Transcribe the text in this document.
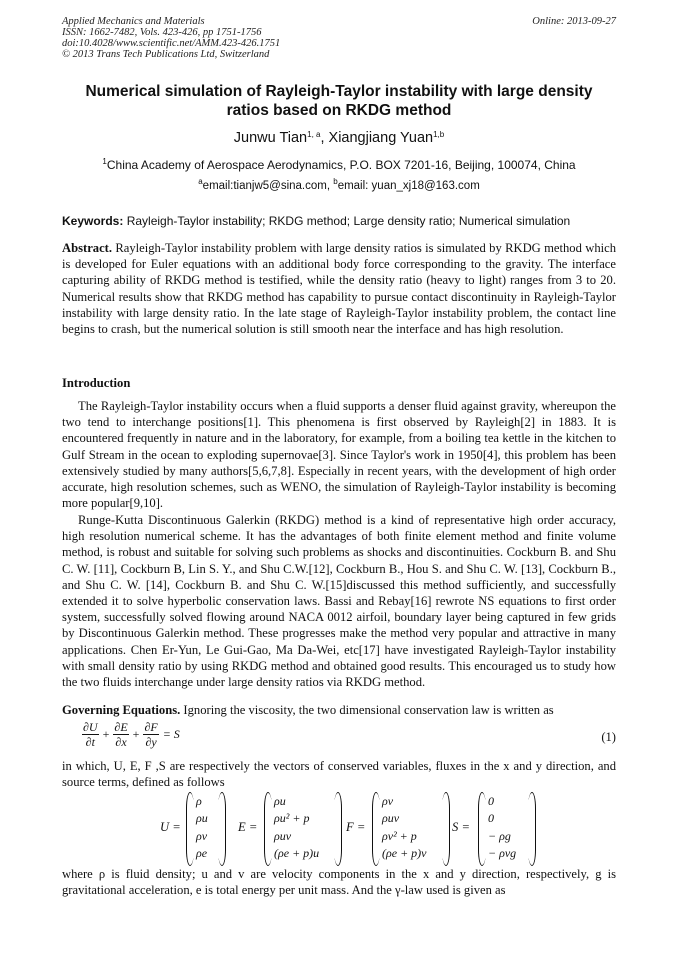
Applied Mechanics and Materials
ISSN: 1662-7482, Vols. 423-426, pp 1751-1756
doi:10.4028/www.scientific.net/AMM.423-426.1751
© 2013 Trans Tech Publications Ltd, Switzerland
Online: 2013-09-27
Numerical simulation of Rayleigh-Taylor instability with large density ratios based on RKDG method
Junwu Tian$^{1, a}$, Xiangjiang Yuan$^{1,b}$
$^1$China Academy of Aerospace Aerodynamics, P.O. BOX 7201-16, Beijing, 100074, China
$^a$email:tianjw5@sina.com, $^b$email: yuan_xj18@163.com
Keywords: Rayleigh-Taylor instability; RKDG method; Large density ratio; Numerical simulation
Abstract. Rayleigh-Taylor instability problem with large density ratios is simulated by RKDG method which is developed for Euler equations with an additional body force corresponding to the gravity. The interface capturing ability of RKDG method is testified, while the density ratio (heavy to light) ranges from 3 to 20. Numerical results show that RKDG method has capability to pursue contact discontinuity in Rayleigh-Taylor instability with large density ratio. In the late stage of Rayleigh-Taylor instability problem, the contact line begins to crash, but the numerical solution is still smooth near the interface and has high resolution.
Introduction
The Rayleigh-Taylor instability occurs when a fluid supports a denser fluid against gravity, whereupon the two tend to interchange positions[1]. This phenomena is first observed by Rayleigh[2] in 1883. It is encountered frequently in nature and in the laboratory, for example, from a boiling tea kettle in the kitchen to Gulf Stream in the ocean to exploding supernovae[3]. Since Taylor's work in 1950[4], this problem has been extensively studied by many authors[5,6,7,8]. Especially in recent years, with the development of high order accurate, high resolution schemes, such as WENO, the simulation of Rayleigh-Taylor instability is becoming more popular[9,10].
Runge-Kutta Discontinuous Galerkin (RKDG) method is a kind of representative high order accuracy, high resolution numerical scheme. It has the advantages of both finite element method and finite volume method, is robust and suitable for solving such problems as shocks and discontinuities. Cockburn B. and Shu C. W. [11], Cockburn B, Lin S. Y., and Shu C.W.[12], Cockburn B., Hou S. and Shu C. W. [13], Cockburn B., and Shu C. W. [14], Cockburn B. and Shu C. W.[15]discussed this method sufficiently, and successfully extended it to solve hyperbolic conservation laws. Bassi and Rebay[16] rewrote NS equations to first order system, successfully solved flowing around NACA 0012 airfoil, boundary layer being captured in few grids by Discontinuous Galerkin method. These progresses make the method very popular and attractive in many applications. Chen Er-Yun, Le Gui-Gao, Ma Da-Wei, etc[17] have investigated Rayleigh-Taylor instability with small density ratio by using RKDG method and obtained good results. This encouraged us to study how the two fluids interchange under large density ratios via RKDG method.
Governing Equations. Ignoring the viscosity, the two dimensional conservation law is written as
$\frac{\partial U}{\partial t} + \frac{\partial E}{\partial x} + \frac{\partial F}{\partial y} = S$	(1)
in which, U, E, F ,S are respectively the vectors of conserved variables, fluxes in the x and y direction, and source terms, defined as follows
U =
ρ
ρu
ρv
ρe
E =
ρu
ρu² + p
ρuv
(ρe + p)u
F =
ρv
ρuv
ρv² + p
(ρe + p)v
S =
0
0
− ρg
− ρvg
where ρ is fluid density; u and v are velocity components in the x and y direction, respectively, g is gravitational acceleration, e is total energy per unit mass. And the γ-law used is given as
